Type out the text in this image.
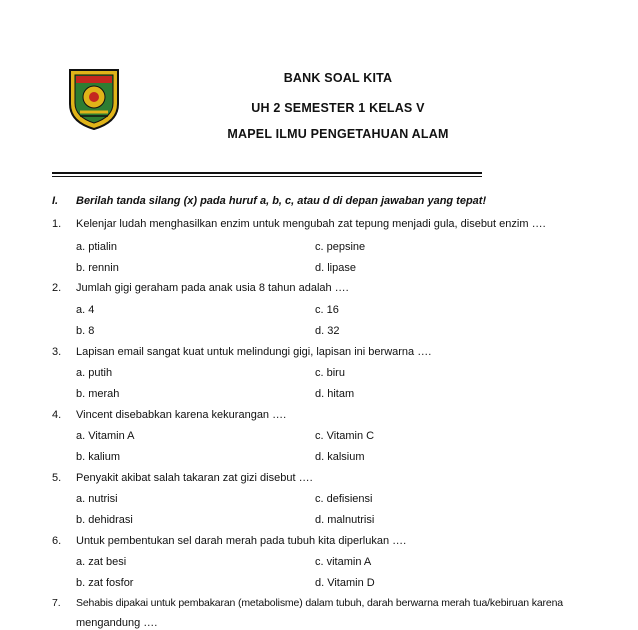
BANK SOAL KITA
UH 2 SEMESTER 1 KELAS V
MAPEL ILMU PENGETAHUAN ALAM
I. Berilah tanda silang (x) pada huruf a, b, c, atau d di depan jawaban yang tepat!
1. Kelenjar ludah menghasilkan enzim untuk mengubah zat tepung menjadi gula, disebut enzim ….
a. ptialin	c. pepsine
b. rennin	d. lipase
2. Jumlah gigi geraham pada anak usia 8 tahun adalah ….
a. 4	c. 16
b. 8	d. 32
3. Lapisan email sangat kuat untuk melindungi gigi, lapisan ini berwarna ….
a. putih	c. biru
b. merah	d. hitam
4. Vincent disebabkan karena kekurangan ….
a. Vitamin A	c. Vitamin C
b. kalium	d. kalsium
5. Penyakit akibat salah takaran zat gizi disebut ….
a. nutrisi	c. defisiensi
b. dehidrasi	d. malnutrisi
6. Untuk pembentukan sel darah merah pada tubuh kita diperlukan ….
a. zat besi	c. vitamin A
b. zat fosfor	d. Vitamin D
7. Sehabis dipakai untuk pembakaran (metabolisme) dalam tubuh, darah berwarna merah tua/kebiruan karena
mengandung ….
